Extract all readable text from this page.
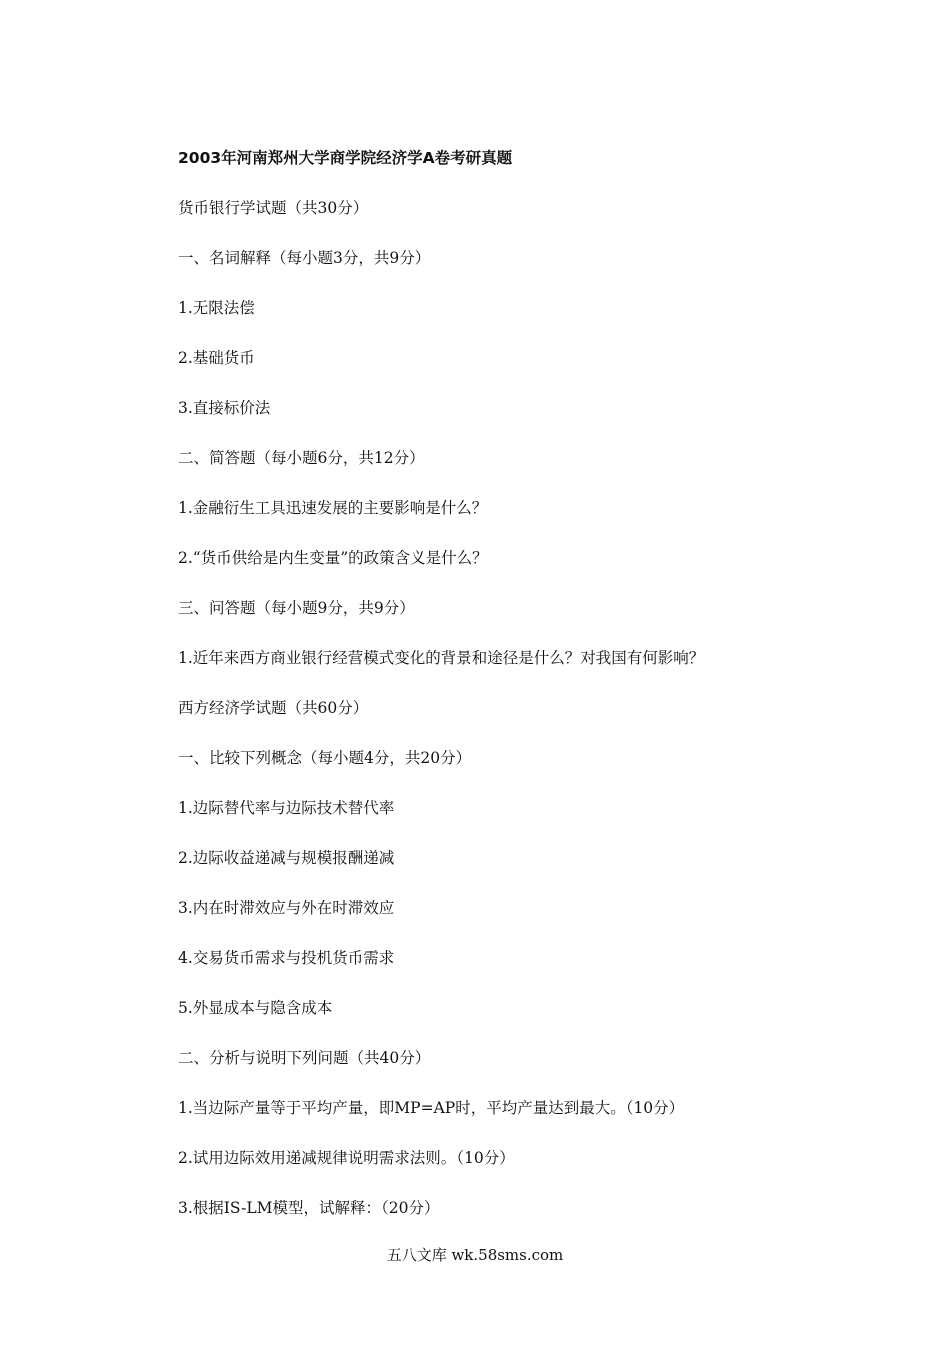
2003年河南郑州大学商学院经济学A卷考研真题
货币银行学试题（共30分）
一、名词解释（每小题3分，共9分）
1.无限法偿
2.基础货币
3.直接标价法
二、简答题（每小题6分，共12分）
1.金融衍生工具迅速发展的主要影响是什么？
2.“货币供给是内生变量”的政策含义是什么？
三、问答题（每小题9分，共9分）
1.近年来西方商业银行经营模式变化的背景和途径是什么？对我国有何影响？
西方经济学试题（共60分）
一、比较下列概念（每小题4分，共20分）
1.边际替代率与边际技术替代率
2.边际收益递减与规模报酬递减
3.内在时滞效应与外在时滞效应
4.交易货币需求与投机货币需求
5.外显成本与隐含成本
二、分析与说明下列问题（共40分）
1.当边际产量等于平均产量，即MP=AP时，平均产量达到最大。（10分）
2.试用边际效用递减规律说明需求法则。（10分）
3.根据IS-LM模型，试解释：（20分）
五八文库 wk.58sms.com
